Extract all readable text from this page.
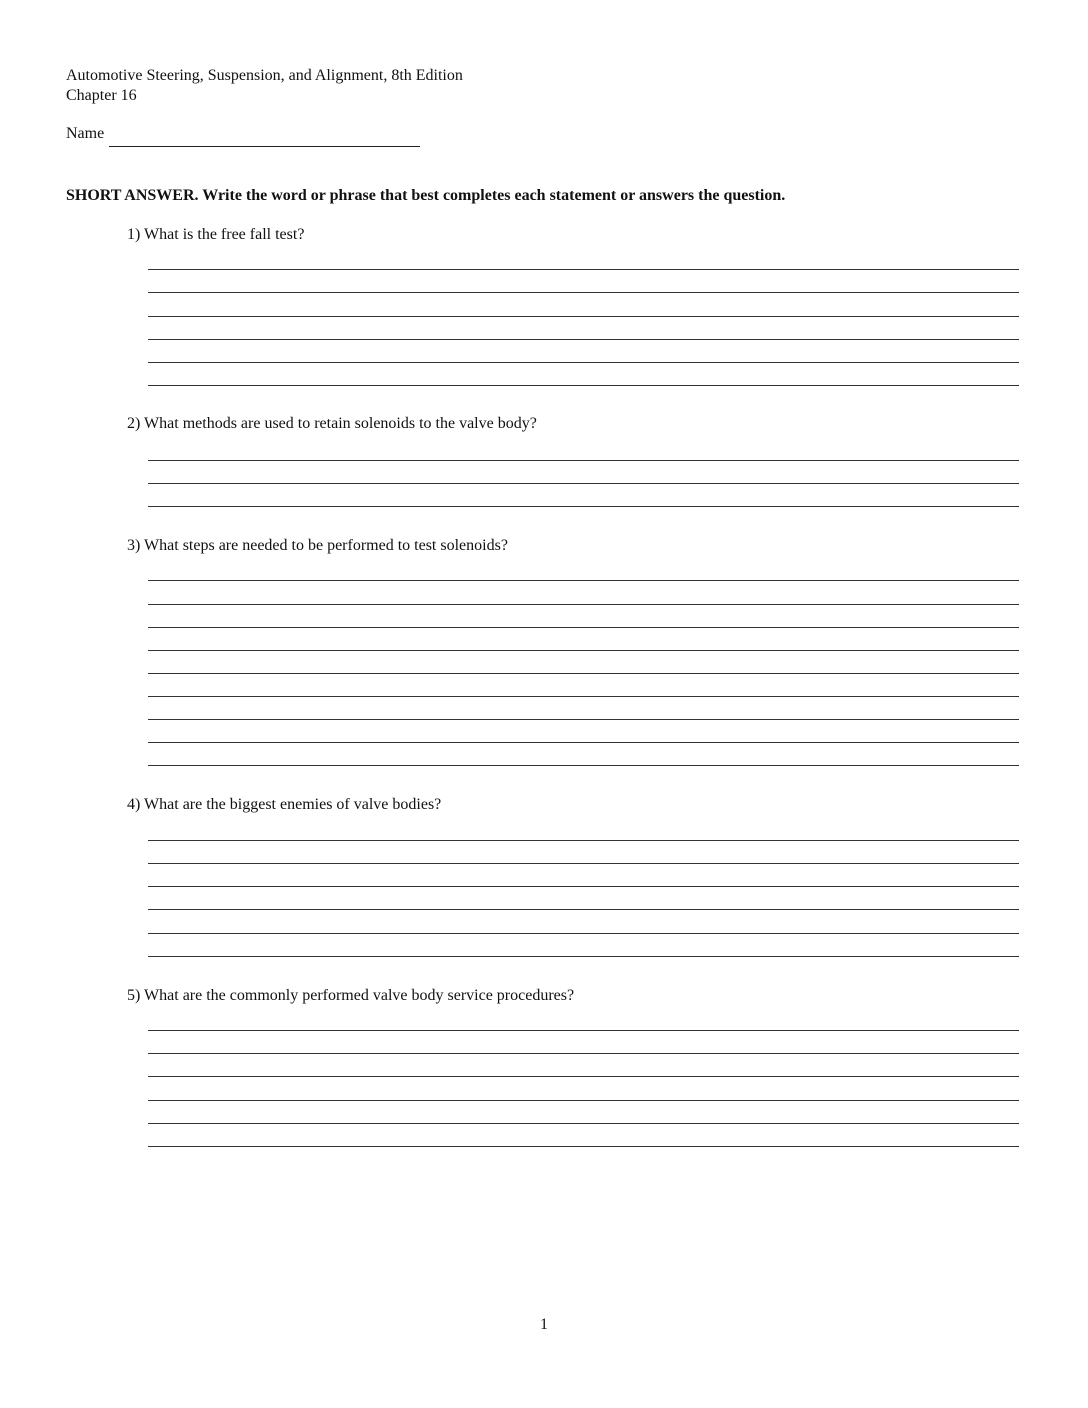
Automotive Steering, Suspension, and Alignment, 8th Edition
Chapter 16
Name
SHORT ANSWER. Write the word or phrase that best completes each statement or answers the question.
1) What is the free fall test?
2) What methods are used to retain solenoids to the valve body?
3) What steps are needed to be performed to test solenoids?
4) What are the biggest enemies of valve bodies?
5) What are the commonly performed valve body service procedures?
1
